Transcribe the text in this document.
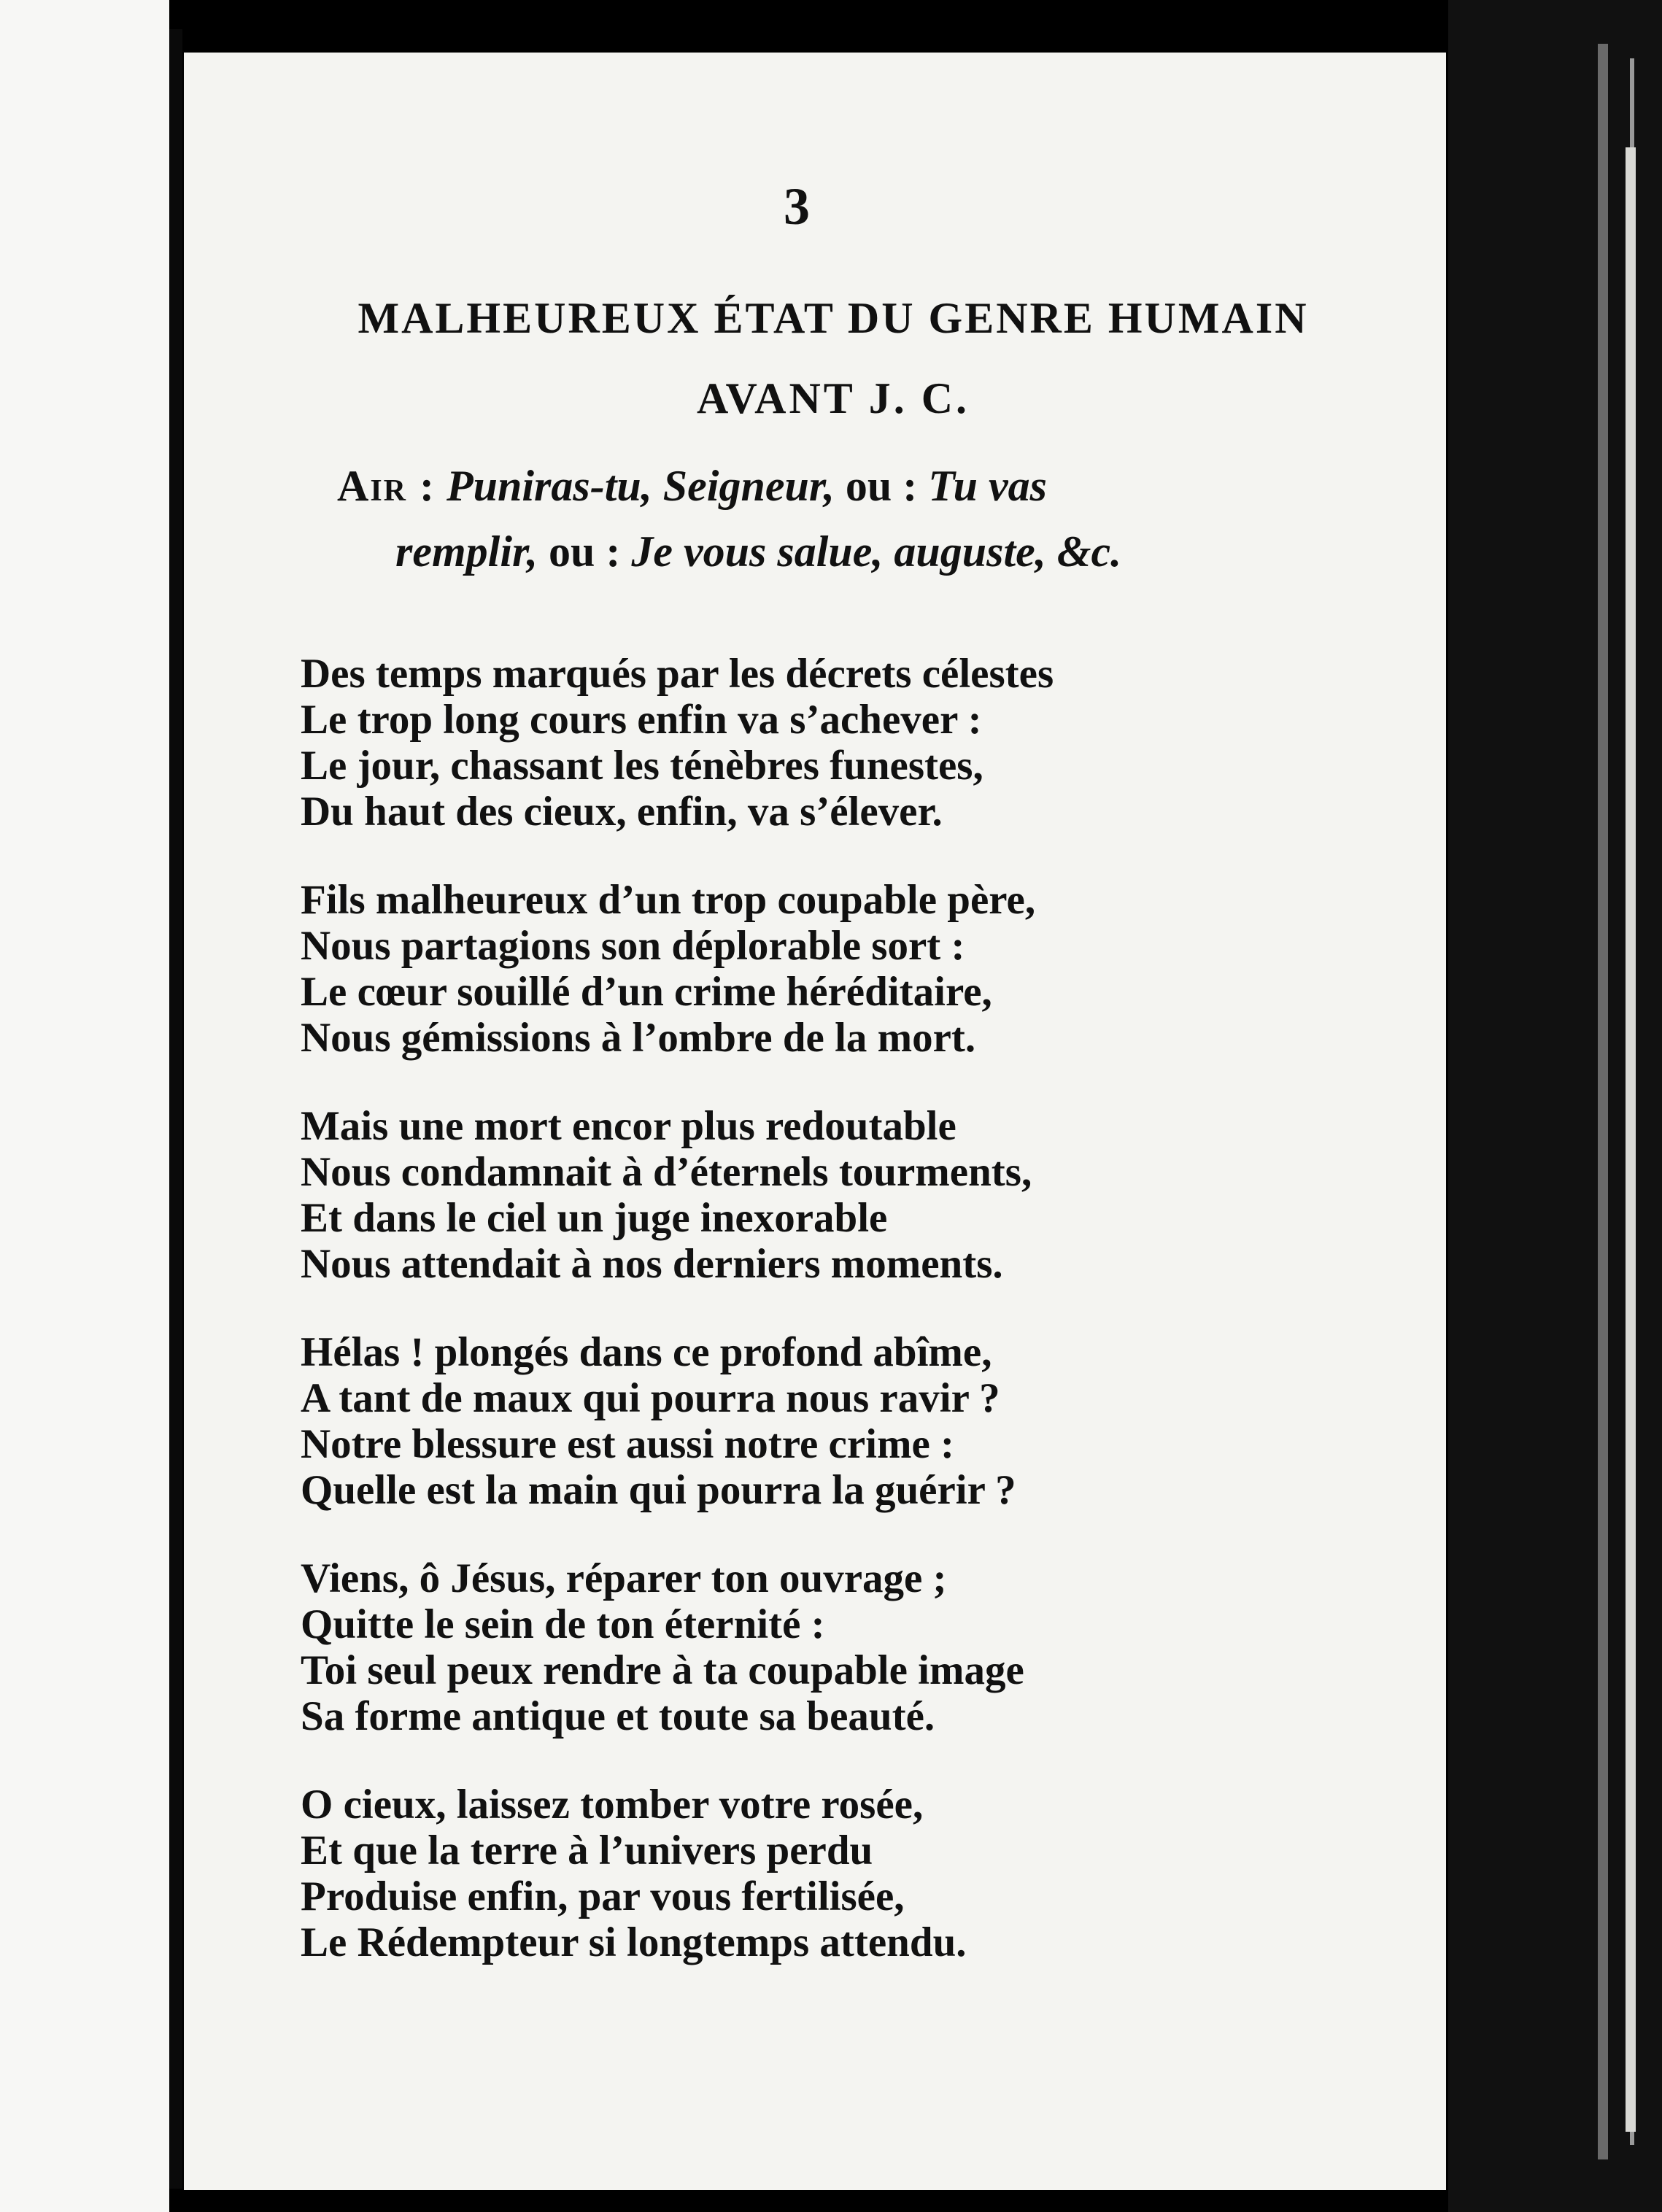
3
MALHEUREUX ÉTAT DU GENRE HUMAIN
AVANT J. C.
Air : Puniras-tu, Seigneur, ou : Tu vas
remplir, ou : Je vous salue, auguste, &c.
Des temps marqués par les décrets célestes
Le trop long cours enfin va s’achever :
Le jour, chassant les ténèbres funestes,
Du haut des cieux, enfin, va s’élever.
Fils malheureux d’un trop coupable père,
Nous partagions son déplorable sort :
Le cœur souillé d’un crime héréditaire,
Nous gémissions à l’ombre de la mort.
Mais une mort encor plus redoutable
Nous condamnait à d’éternels tourments,
Et dans le ciel un juge inexorable
Nous attendait à nos derniers moments.
Hélas ! plongés dans ce profond abîme,
A tant de maux qui pourra nous ravir ?
Notre blessure est aussi notre crime :
Quelle est la main qui pourra la guérir ?
Viens, ô Jésus, réparer ton ouvrage ;
Quitte le sein de ton éternité :
Toi seul peux rendre à ta coupable image
Sa forme antique et toute sa beauté.
O cieux, laissez tomber votre rosée,
Et que la terre à l’univers perdu
Produise enfin, par vous fertilisée,
Le Rédempteur si longtemps attendu.
